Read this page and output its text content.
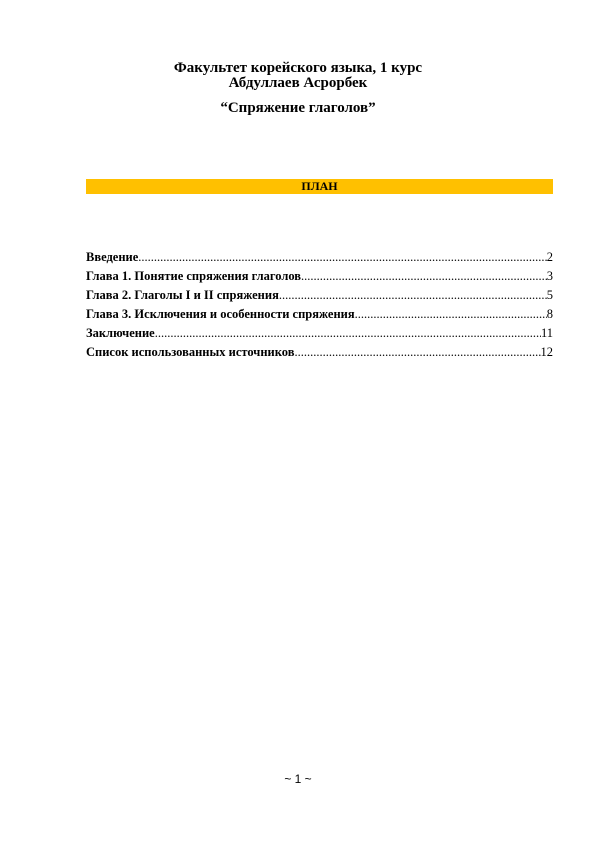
Факультет корейского языка, 1 курс
Абдуллаев Асрорбек
“Спряжение глаголов”
ПЛАН
Введение .....	2
Глава 1. Понятие спряжения глаголов .....	3
Глава 2. Глаголы I и II спряжения .....	5
Глава 3. Исключения и особенности спряжения .....	8
Заключение .....	11
Список использованных источников .....	12
~ 1 ~
